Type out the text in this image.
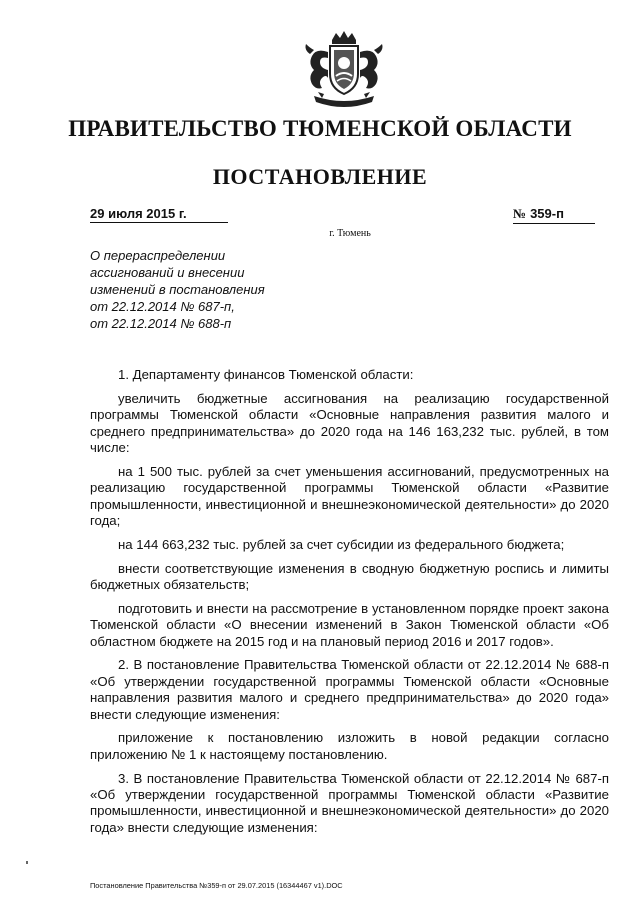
ПРАВИТЕЛЬСТВО ТЮМЕНСКОЙ ОБЛАСТИ
ПОСТАНОВЛЕНИЕ
29 июля 2015 г.	№ 359-п
г. Тюмень
О перераспределении
ассигнований и внесении
изменений в постановления
от 22.12.2014 № 687-п,
от 22.12.2014 № 688-п

1. Департаменту финансов Тюменской области:

увеличить бюджетные ассигнования на реализацию государственной программы Тюменской области «Основные направления развития малого и среднего предпринимательства» до 2020 года на 146 163,232 тыс. рублей, в том числе:

на 1 500 тыс. рублей за счет уменьшения ассигнований, предусмотренных на реализацию государственной программы Тюменской области «Развитие промышленности, инвестиционной и внешнеэкономической деятельности» до 2020 года;

на 144 663,232 тыс. рублей за счет субсидии из федерального бюджета;

внести соответствующие изменения в сводную бюджетную роспись и лимиты бюджетных обязательств;

подготовить и внести на рассмотрение в установленном порядке проект закона Тюменской области «О внесении изменений в Закон Тюменской области «Об областном бюджете на 2015 год и на плановый период 2016 и 2017 годов».

2. В постановление Правительства Тюменской области от 22.12.2014 № 688-п «Об утверждении государственной программы Тюменской области «Основные направления развития малого и среднего предпринимательства» до 2020 года» внести следующие изменения:

приложение к постановлению изложить в новой редакции согласно приложению № 1 к настоящему постановлению.

3. В постановление Правительства Тюменской области от 22.12.2014 № 687-п «Об утверждении государственной программы Тюменской области «Развитие промышленности, инвестиционной и внешнеэкономической деятельности» до 2020 года» внести следующие изменения:

Постановление Правительства №359-п от 29.07.2015 (16344467 v1).DOC
